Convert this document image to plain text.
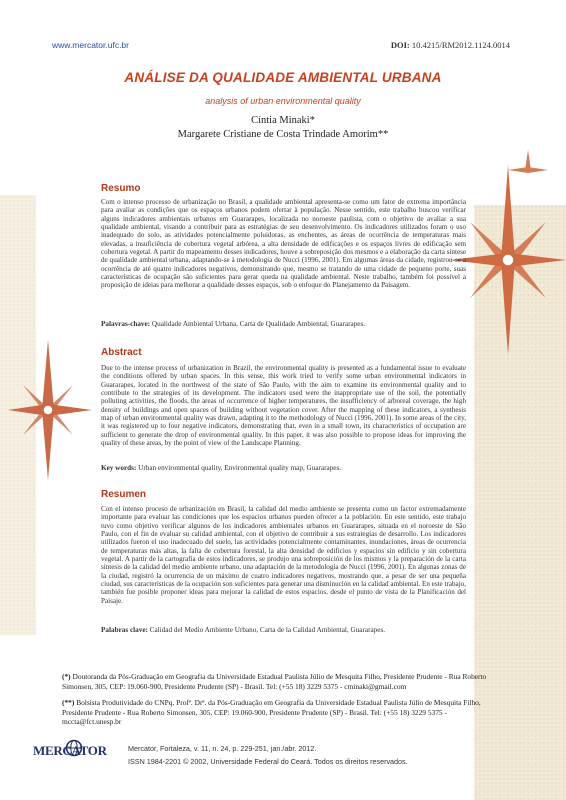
www.mercator.ufc.br	DOI: 10.4215/RM2012.1124.0014
ANÁLISE DA QUALIDADE AMBIENTAL URBANA
analysis of urban environmental quality
Cíntia Minaki*
Margarete Cristiane de Costa Trindade Amorim**
Resumo
Com o intenso processo de urbanização no Brasil, a qualidade ambiental apresenta-se como um fator de extrema importância para avaliar as condições que os espaços urbanos podem ofertar à população. Nesse sentido, este trabalho buscou verificar alguns indicadores ambientais urbanos em Guararapes, localizada no noroeste paulista, com o objetivo de avaliar a sua qualidade ambiental, visando a contribuir para as estratégias de seu desenvolvimento. Os indicadores utilizados foram o uso inadequado do solo, as atividades potencialmente poluidoras, as enchentes, as áreas de ocorrência de temperaturas mais elevadas, a insuficiência de cobertura vegetal arbórea, a alta densidade de edificações e os espaços livres de edificação sem cobertura vegetal. A partir do mapeamento desses indicadores, houve a sobreposição dos mesmos e a elaboração da carta síntese de qualidade ambiental urbana, adaptando-se à metodologia de Nucci (1996, 2001). Em algumas áreas da cidade, registrou-se a ocorrência de até quatro indicadores negativos, demonstrando que, mesmo se tratando de uma cidade de pequeno porte, suas características de ocupação são suficientes para gerar queda na qualidade ambiental. Neste trabalho, também foi possível a proposição de ideias para melhorar a qualidade desses espaços, sob o enfoque do Planejamento da Paisagem.
Palavras-chave: Qualidade Ambiental Urbana, Carta de Qualidade Ambiental, Guararapes.
Abstract
Due to the intense process of urbanization in Brazil, the environmental quality is presented as a fundamental issue to evaluate the conditions offered by urban spaces. In this sense, this work tried to verify some urban environmental indicators in Guararapes, located in the northwest of the state of São Paulo, with the aim to examine its environmental quality and to contribute to the strategies of its development. The indicators used were the inappropriate use of the soil, the potentially polluting activities, the floods, the areas of occurrence of higher temperatures, the insufficiency of arboreal coverage, the high density of buildings and open spaces of building without vegetation cover. After the mapping of these indicators, a synthesis map of urban environmental quality was drawn, adapting it to the methodology of Nucci (1996, 2001). In some areas of the city, it was registered up to four negative indicators, demonstrating that, even in a small town, its characteristics of occupation are sufficient to generate the drop of environmental quality. In this paper, it was also possible to propose ideas for improving the quality of these areas, by the point of view of the Landscape Planning.
Key words: Urban environmental quality, Environmental quality map, Guararapes.
Resumen
Con el intenso proceso de urbanización en Brasil, la calidad del medio ambiente se presenta como un factor extremadamente importante para evaluar las condiciones que los espacios urbanos pueden ofrecer a la población. En este sentido, este trabajo tuvo como objetivo verificar algunos de los indicadores ambientales urbanos en Guararapes, situada en el noroeste de São Paulo, con el fin de evaluar su calidad ambiental, con el objetivo de contribuir a sus estrategias de desarrollo. Los indicadores utilizados fueron el uso inadecuado del suelo, las actividades potencialmente contaminantes, inundaciones, áreas de ocurrencia de temperaturas más altas, la falta de cobertura forestal, la alta densidad de edificios y espacios sin edificio y sin cobertura vegetal. A partir de la cartografía de estos indicadores, se produjo una sobreposición de los mismos y la preparación de la carta síntesis de la calidad del medio ambiente urbano, una adaptación de la metodología de Nucci (1996, 2001). En algunas zonas de la ciudad, registró la ocurrencia de un máximo de cuatro indicadores negativos, mostrando que, a pesar de ser una pequeña ciudad, sus características de la ocupación son suficientes para generar una disminución en la calidad ambiental. En este trabajo, también fue posible proponer ideas para mejorar la calidad de estos espacios, desde el punto de vista de la Planificación del Paisaje.
Palabras clave: Calidad del Medio Ambiente Urbano, Carta de la Calidad Ambiental, Guararapes.
(*) Doutoranda da Pós-Graduação em Geografia da Universidade Estadual Paulista Júlio de Mesquita Filho, Presidente Prudente - Rua Roberto Simonsen, 305, CEP: 19.060-900, Presidente Prudente (SP) - Brasil. Tel: (+55 18) 3229 5375 - cminaki@gmail.com
(**) Bolsista Produtividade do CNPq, Profª. Drª. da Pós-Graduação em Geografia da Universidade Estadual Paulista Júlio de Mesquita Filho, Presidente Prudente - Rua Roberto Simonsen, 305, CEP: 19.060-900, Presidente Prudente (SP) - Brasil. Tel: (+55 18) 3229 5375 - mccta@fct.unesp.br
MERCATOR	Mercator, Fortaleza, v. 11, n. 24, p. 229-251, jan./abr. 2012.
ISSN 1984-2201 © 2002, Universidade Federal do Ceará. Todos os direitos reservados.
